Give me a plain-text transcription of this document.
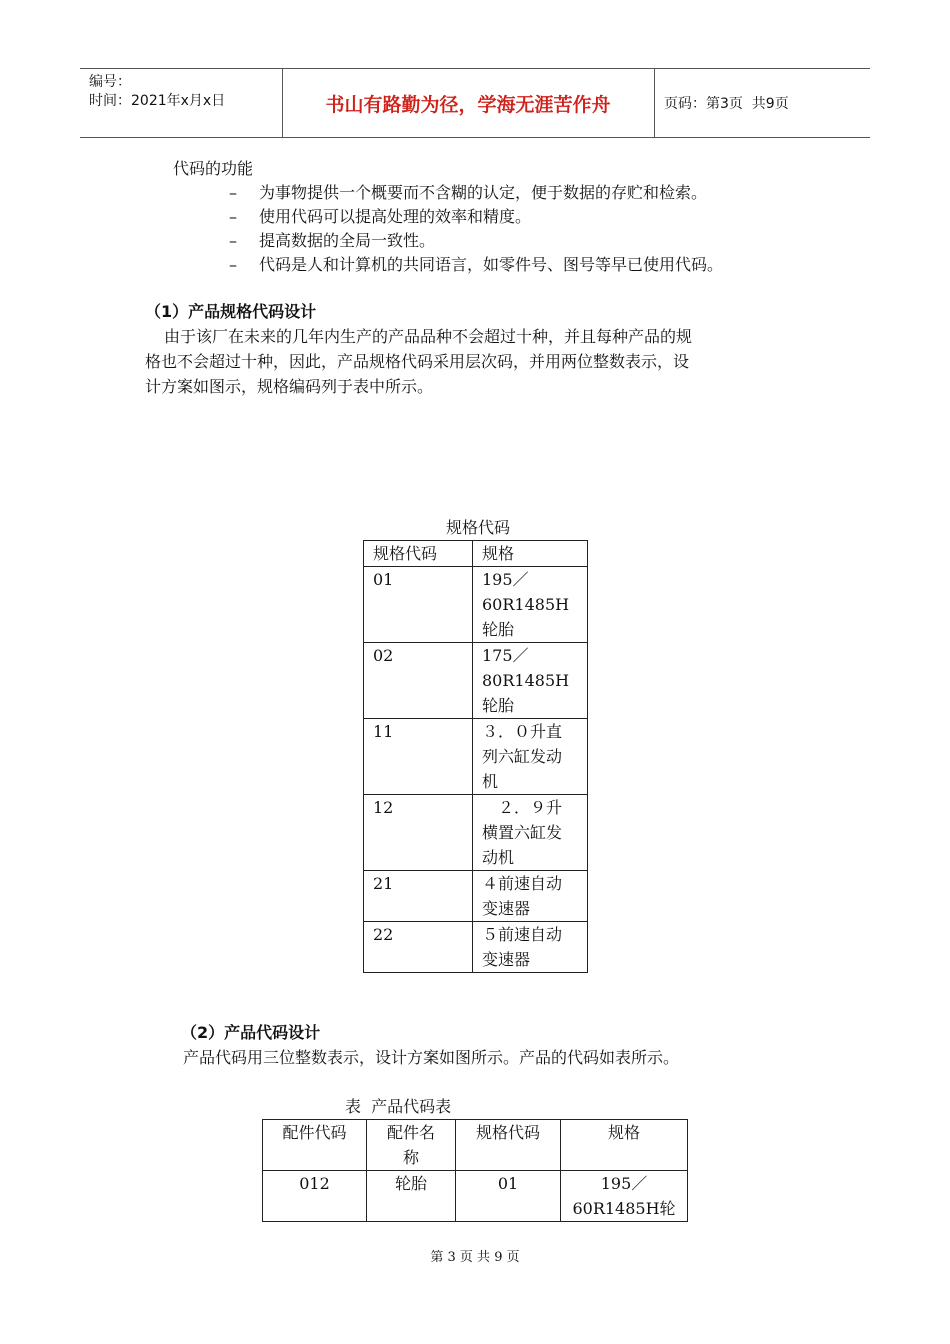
编号：
时间：2021年x月x日	书山有路勤为径，学海无涯苦作舟	页码：第3页  共9页
代码的功能
– 为事物提供一个概要而不含糊的认定，便于数据的存贮和检索。
– 使用代码可以提高处理的效率和精度。
– 提高数据的全局一致性。
– 代码是人和计算机的共同语言，如零件号、图号等早已使用代码。
（1）产品规格代码设计
由于该厂在未来的几年内生产的产品品种不会超过十种，并且每种产品的规
格也不会超过十种，因此，产品规格代码采用层次码，并用两位整数表示，设
计方案如图示，规格编码列于表中所示。
规格代码
规格代码	规格
01	195／
60R1485H
轮胎

02	175／
80R1485H
轮胎

11	３．０升直
列六缸发动
机

12	　２．９升
横置六缸发
动机

21	４前速自动
变速器

22	５前速自动
变速器
（2）产品代码设计
产品代码用三位整数表示，设计方案如图所示。产品的代码如表所示。
表  产品代码表
配件代码	配件名
称	规格代码	规格

012	轮胎	01	195／
60R1485H轮
第 3 页 共 9 页
